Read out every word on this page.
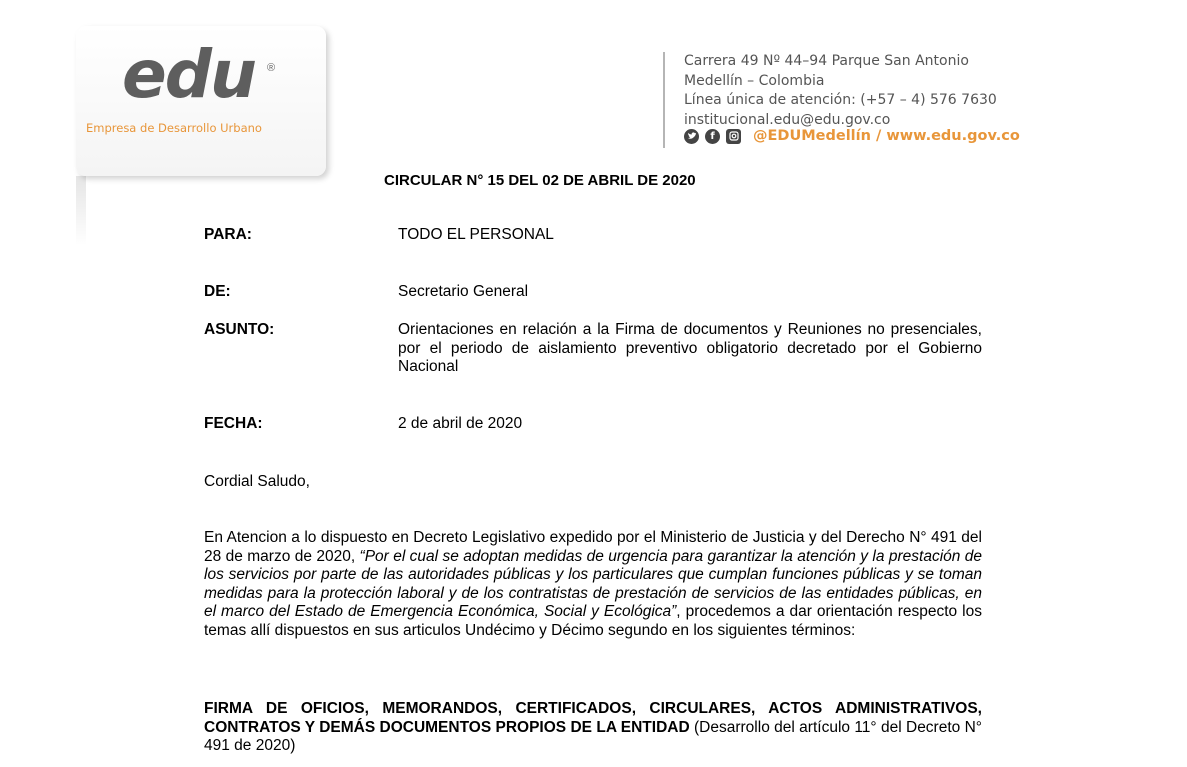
edu ®
Empresa de Desarrollo Urbano
Carrera 49 Nº 44–94 Parque San Antonio
Medellín – Colombia
Línea única de atención: (+57 – 4) 576 7630
institucional.edu@edu.gov.co
f	@EDUMedellín / www.edu.gov.co
CIRCULAR N° 15 DEL 02 DE ABRIL DE 2020
PARA:	TODO EL PERSONAL
DE:	Secretario General
ASUNTO:	Orientaciones en relación a la Firma de documentos y Reuniones no presenciales, por el periodo de aislamiento preventivo obligatorio decretado por el Gobierno Nacional
FECHA:	2 de abril de 2020
Cordial Saludo,
En Atencion a lo dispuesto en Decreto Legislativo expedido por el Ministerio de Justicia y del Derecho N° 491 del 28 de marzo de 2020, “Por el cual se adoptan medidas de urgencia para garantizar la atención y la prestación de los servicios por parte de las autoridades públicas y los particulares que cumplan funciones públicas y se toman medidas para la protección laboral y de los contratistas de prestación de servicios de las entidades públicas, en el marco del Estado de Emergencia Económica, Social y Ecológica”, procedemos a dar orientación respecto los temas allí dispuestos en sus articulos Undécimo y Décimo segundo en los siguientes términos:
FIRMA DE OFICIOS, MEMORANDOS, CERTIFICADOS, CIRCULARES, ACTOS ADMINISTRATIVOS, CONTRATOS Y DEMÁS DOCUMENTOS PROPIOS DE LA ENTIDAD (Desarrollo del artículo 11° del Decreto N° 491 de 2020)
